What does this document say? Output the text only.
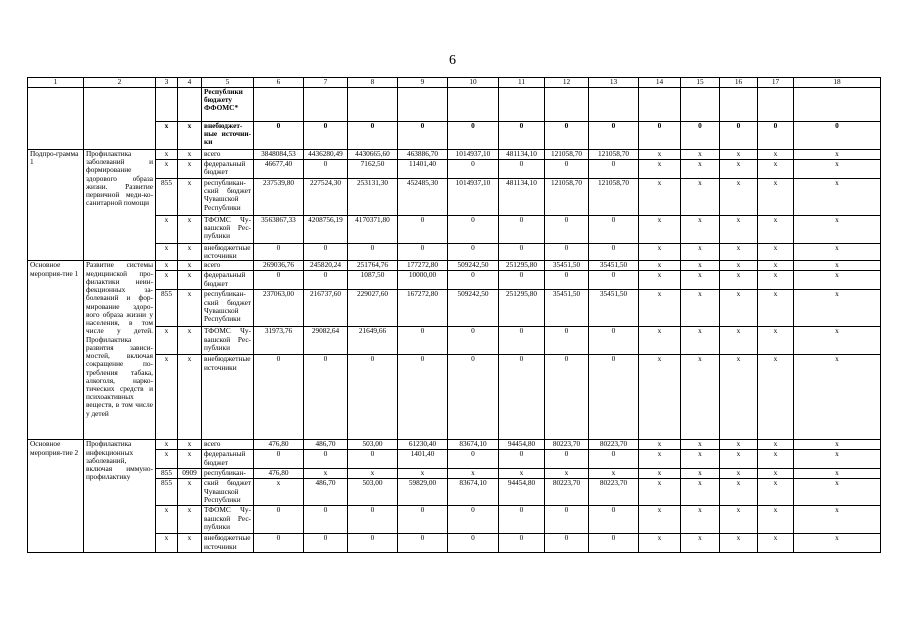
6
1	2	3	4	5	6	7	8	9	10	11	12	13	14	15	16	17	18
				Республики бюджету ФФОМС*													
		x	x	внебюджет-ные источни-ки	0	0	0	0	0	0	0	0	0	0	0	0	0
Подпро-грамма 1	Профилактика заболеваний и формирование здорового образа жизни. Развитие первичной меди-ко-санитарной помощи	x	x	всего	3848084,53	4436280,49	4430665,60	463886,70	1014937,10	481134,10	121058,70	121058,70	x	x	x	x	x
		x	x	федеральный бюджет	46677,40	0	7162,50	11401,40	0	0	0	0	x	x	x	x	x
		855	x	республикан-ский бюджет Чувашской Республики	237539,80	227524,30	253131,30	452485,30	1014937,10	481134,10	121058,70	121058,70	x	x	x	x	x
		x	x	ТФОМС Чу-вашской Рес-публики	3563867,33	4208756,19	4170371,80	0	0	0	0	0	x	x	x	x	x
		x	x	внебюджетные источники	0	0	0	0	0	0	0	0	x	x	x	x	x
Основное мероприя-тие 1	Развитие системы медицинской про-филактики неин-фекционных за-болеваний и фор-мирование здоро-вого образа жизни у населения, в том числе у детей. Профилактика развития зависи-мостей, включая сокращение по-требления табака, алкоголя, нарко-тических средств и психоактивных веществ, в том числе у детей	x	x	всего	269036,76	245820,24	251764,76	177272,80	509242,50	251295,80	35451,50	35451,50	x	x	x	x	x
		x	x	федеральный бюджет	0	0	1087,50	10000,00	0	0	0	0	x	x	x	x	x
		855	x	республикан-ский бюджет Чувашской Республики	237063,00	216737,60	229027,60	167272,80	509242,50	251295,80	35451,50	35451,50	x	x	x	x	x
		x	x	ТФОМС Чу-вашской Рес-публики	31973,76	29082,64	21649,66	0	0	0	0	0	x	x	x	x	x
		x	x	внебюджетные источники	0	0	0	0	0	0	0	0	x	x	x	x	x
Основное мероприя-тие 2	Профилактика инфекционных заболеваний, включая иммуно-профилактику	x	x	всего	476,80	486,70	503,00	61230,40	83674,10	94454,80	80223,70	80223,70	x	x	x	x	x
		x	x	федеральный бюджет	0	0	0	1401,40	0	0	0	0	x	x	x	x	x
		855	0909	республикан-	476,80	x	x	x	x	x	x	x	x	x	x	x	x
		855	x	ский бюджет Чувашской Республики	x	486,70	503,00	59829,00	83674,10	94454,80	80223,70	80223,70	x	x	x	x	x
		x	x	ТФОМС Чу-вашской Рес-публики	0	0	0	0	0	0	0	0	x	x	x	x	x
		x	x	внебюджетные источники	0	0	0	0	0	0	0	0	x	x	x	x	x
